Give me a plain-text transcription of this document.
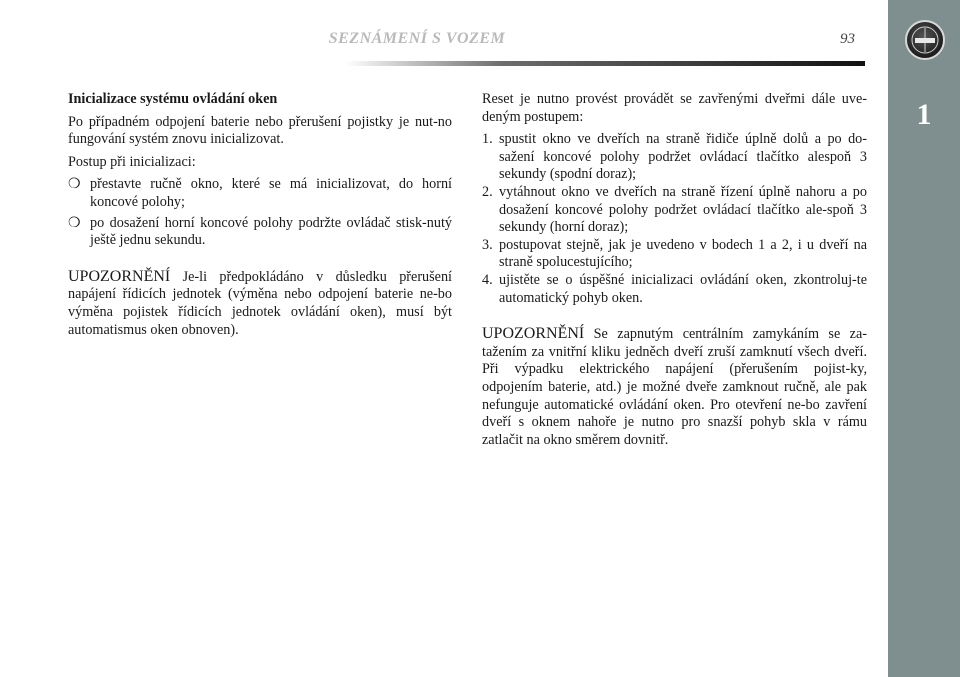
SEZNÁMENÍ S VOZEM	93
1

Inicializace systému ovládání oken

Po případném odpojení baterie nebo přerušení pojistky je nut-no fungování systém znovu inicializovat.

Postup při inicializaci:

❍ přestavte ručně okno, které se má inicializovat, do horní koncové polohy;
❍ po dosažení horní koncové polohy podržte ovládač stisk-nutý ještě jednu sekundu.

UPOZORNĚNÍ Je-li předpokládáno v důsledku přerušení napájení řídicích jednotek (výměna nebo odpojení baterie ne-bo výměna pojistek řídicích jednotek ovládání oken), musí být automatismus oken obnoven).

Reset je nutno provést provádět se zavřenými dveřmi dále uve-deným postupem:

1. spustit okno ve dveřích na straně řidiče úplně dolů a po do-sažení koncové polohy podržet ovládací tlačítko alespoň 3 sekundy (spodní doraz);
2. vytáhnout okno ve dveřích na straně řízení úplně nahoru a po dosažení koncové polohy podržet ovládací tlačítko ale-spoň 3 sekundy (horní doraz);
3. postupovat stejně, jak je uvedeno v bodech 1 a 2, i u dveří na straně spolucestujícího;
4. ujistěte se o úspěšné inicializaci ovládání oken, zkontroluj-te automatický pohyb oken.

UPOZORNĚNÍ Se zapnutým centrálním zamykáním se za-tažením za vnitřní kliku jedněch dveří zruší zamknutí všech dveří. Při výpadku elektrického napájení (přerušením pojist-ky, odpojením baterie, atd.) je možné dveře zamknout ručně, ale pak nefunguje automatické ovládání oken. Pro otevření ne-bo zavření dveří s oknem nahoře je nutno pro snazší pohyb skla v rámu zatlačit na okno směrem dovnitř.
